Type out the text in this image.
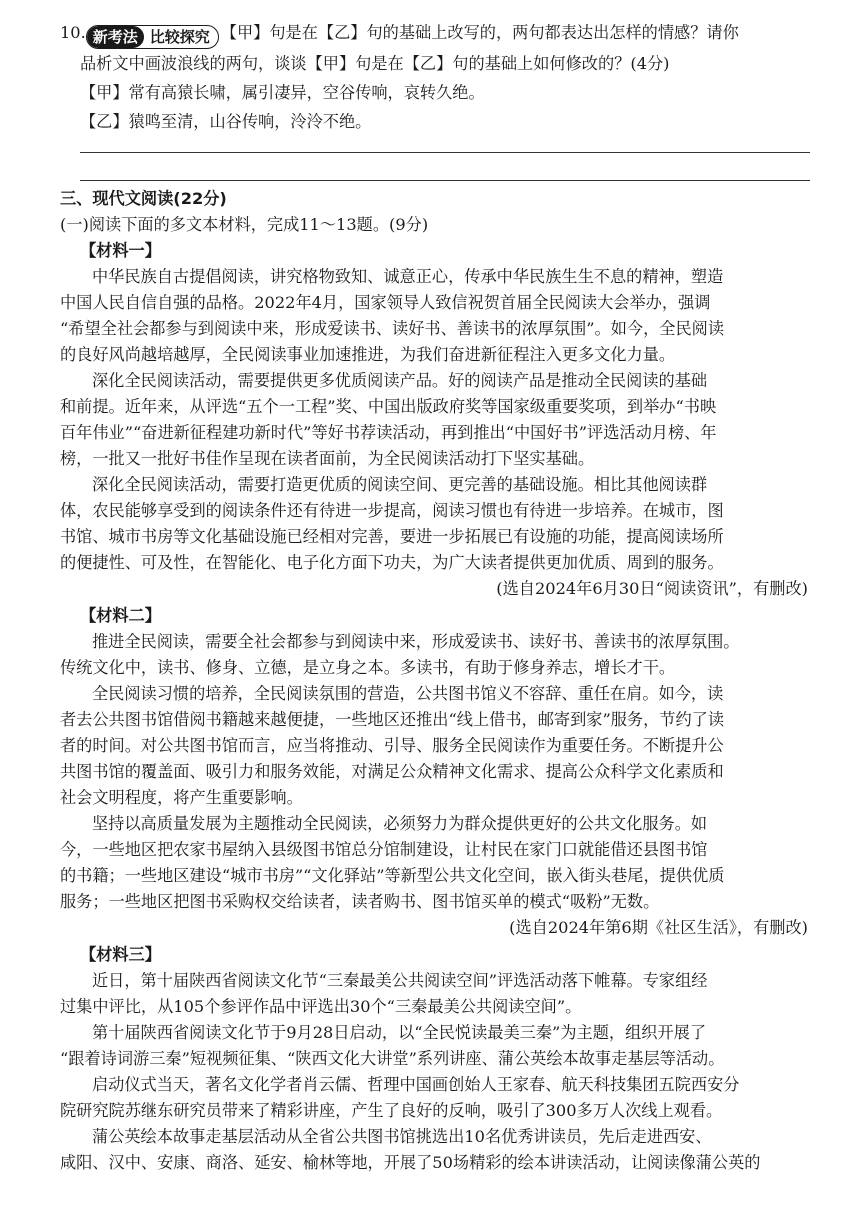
10. 新考法 比较探究 【甲】句是在【乙】句的基础上改写的，两句都表达出怎样的情感？请你
品析文中画波浪线的两句，谈谈【甲】句是在【乙】句的基础上如何修改的？(4分)
【甲】常有高猿长啸，属引凄异，空谷传响，哀转久绝。
【乙】猿鸣至清，山谷传响，泠泠不绝。
三、现代文阅读(22分)
(一)阅读下面的多文本材料，完成11～13题。(9分)
【材料一】
中华民族自古提倡阅读，讲究格物致知、诚意正心，传承中华民族生生不息的精神，塑造
中国人民自信自强的品格。2022年4月，国家领导人致信祝贺首届全民阅读大会举办，强调
“希望全社会都参与到阅读中来，形成爱读书、读好书、善读书的浓厚氛围”。如今，全民阅读
的良好风尚越培越厚，全民阅读事业加速推进，为我们奋进新征程注入更多文化力量。
深化全民阅读活动，需要提供更多优质阅读产品。好的阅读产品是推动全民阅读的基础
和前提。近年来，从评选“五个一工程”奖、中国出版政府奖等国家级重要奖项，到举办“书映
百年伟业”“奋进新征程建功新时代”等好书荐读活动，再到推出“中国好书”评选活动月榜、年
榜，一批又一批好书佳作呈现在读者面前，为全民阅读活动打下坚实基础。
深化全民阅读活动，需要打造更优质的阅读空间、更完善的基础设施。相比其他阅读群
体，农民能够享受到的阅读条件还有待进一步提高，阅读习惯也有待进一步培养。在城市，图
书馆、城市书房等文化基础设施已经相对完善，要进一步拓展已有设施的功能，提高阅读场所
的便捷性、可及性，在智能化、电子化方面下功夫，为广大读者提供更加优质、周到的服务。
(选自2024年6月30日“阅读资讯”，有删改)
【材料二】
推进全民阅读，需要全社会都参与到阅读中来，形成爱读书、读好书、善读书的浓厚氛围。
传统文化中，读书、修身、立德，是立身之本。多读书，有助于修身养志，增长才干。
全民阅读习惯的培养，全民阅读氛围的营造，公共图书馆义不容辞、重任在肩。如今，读
者去公共图书馆借阅书籍越来越便捷，一些地区还推出“线上借书，邮寄到家”服务，节约了读
者的时间。对公共图书馆而言，应当将推动、引导、服务全民阅读作为重要任务。不断提升公
共图书馆的覆盖面、吸引力和服务效能，对满足公众精神文化需求、提高公众科学文化素质和
社会文明程度，将产生重要影响。
坚持以高质量发展为主题推动全民阅读，必须努力为群众提供更好的公共文化服务。如
今，一些地区把农家书屋纳入县级图书馆总分馆制建设，让村民在家门口就能借还县图书馆
的书籍；一些地区建设“城市书房”“文化驿站”等新型公共文化空间，嵌入街头巷尾，提供优质
服务；一些地区把图书采购权交给读者，读者购书、图书馆买单的模式“吸粉”无数。
(选自2024年第6期《社区生活》，有删改)
【材料三】
近日，第十届陕西省阅读文化节“三秦最美公共阅读空间”评选活动落下帷幕。专家组经
过集中评比，从105个参评作品中评选出30个“三秦最美公共阅读空间”。
第十届陕西省阅读文化节于9月28日启动，以“全民悦读最美三秦”为主题，组织开展了
“跟着诗词游三秦”短视频征集、“陕西文化大讲堂”系列讲座、蒲公英绘本故事走基层等活动。
启动仪式当天，著名文化学者肖云儒、哲理中国画创始人王家春、航天科技集团五院西安分
院研究院苏继东研究员带来了精彩讲座，产生了良好的反响，吸引了300多万人次线上观看。
蒲公英绘本故事走基层活动从全省公共图书馆挑选出10名优秀讲读员，先后走进西安、
咸阳、汉中、安康、商洛、延安、榆林等地，开展了50场精彩的绘本讲读活动，让阅读像蒲公英的
